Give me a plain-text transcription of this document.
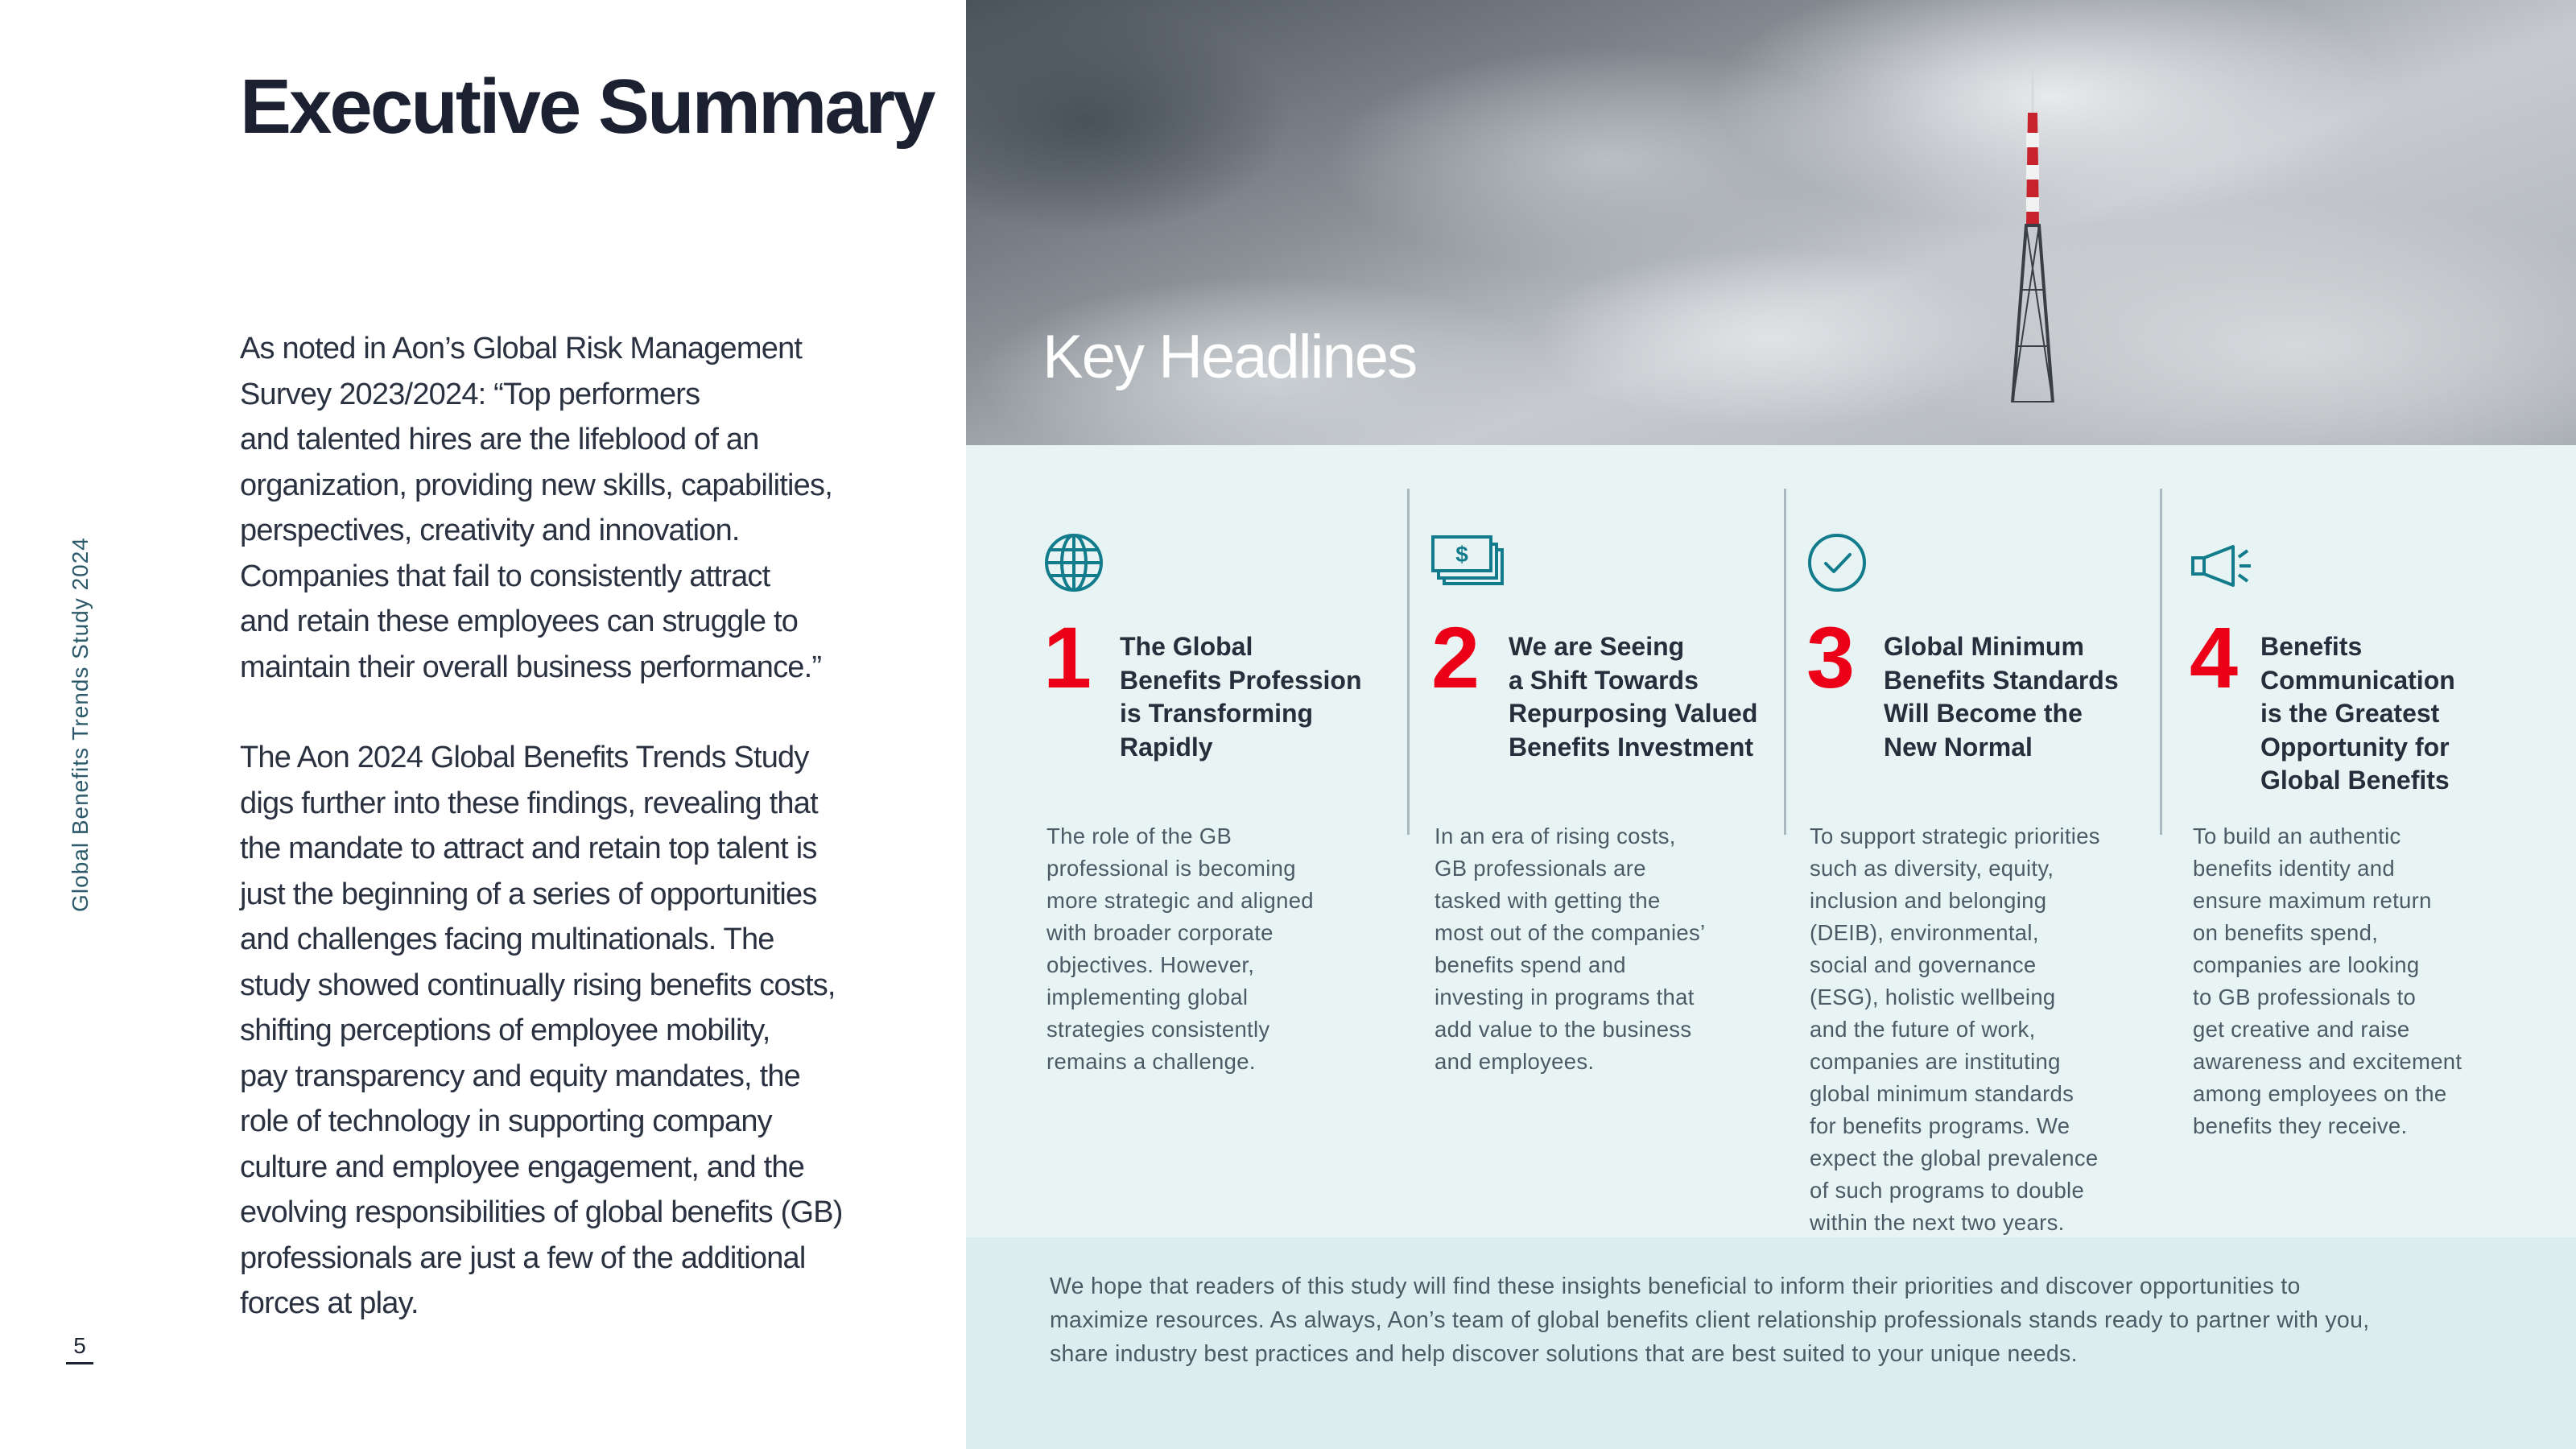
Global Benefits Trends Study 2024
5
Executive Summary

As noted in Aon’s Global Risk Management
Survey 2023/2024: “Top performers
and talented hires are the lifeblood of an
organization, providing new skills, capabilities,
perspectives, creativity and innovation.
Companies that fail to consistently attract
and retain these employees can struggle to
maintain their overall business performance.”

The Aon 2024 Global Benefits Trends Study
digs further into these findings, revealing that
the mandate to attract and retain top talent is
just the beginning of a series of opportunities
and challenges facing multinationals. The
study showed continually rising benefits costs,
shifting perceptions of employee mobility,
pay transparency and equity mandates, the
role of technology in supporting company
culture and employee engagement, and the
evolving responsibilities of global benefits (GB)
professionals are just a few of the additional
forces at play.

Key Headlines
1 The Global
Benefits Profession
is Transforming
Rapidly
The role of the GB
professional is becoming
more strategic and aligned
with broader corporate
objectives. However,
implementing global
strategies consistently
remains a challenge.
$
2 We are Seeing
a Shift Towards
Repurposing Valued
Benefits Investment
In an era of rising costs,
GB professionals are
tasked with getting the
most out of the companies’
benefits spend and
investing in programs that
add value to the business
and employees.
3 Global Minimum
Benefits Standards
Will Become the
New Normal
To support strategic priorities
such as diversity, equity,
inclusion and belonging
(DEIB), environmental,
social and governance
(ESG), holistic wellbeing
and the future of work,
companies are instituting
global minimum standards
for benefits programs. We
expect the global prevalence
of such programs to double
within the next two years.
4 Benefits
Communication
is the Greatest
Opportunity for
Global Benefits
To build an authentic
benefits identity and
ensure maximum return
on benefits spend,
companies are looking
to GB professionals to
get creative and raise
awareness and excitement
among employees on the
benefits they receive.

We hope that readers of this study will find these insights beneficial to inform their priorities and discover opportunities to
maximize resources. As always, Aon’s team of global benefits client relationship professionals stands ready to partner with you,
share industry best practices and help discover solutions that are best suited to your unique needs.
